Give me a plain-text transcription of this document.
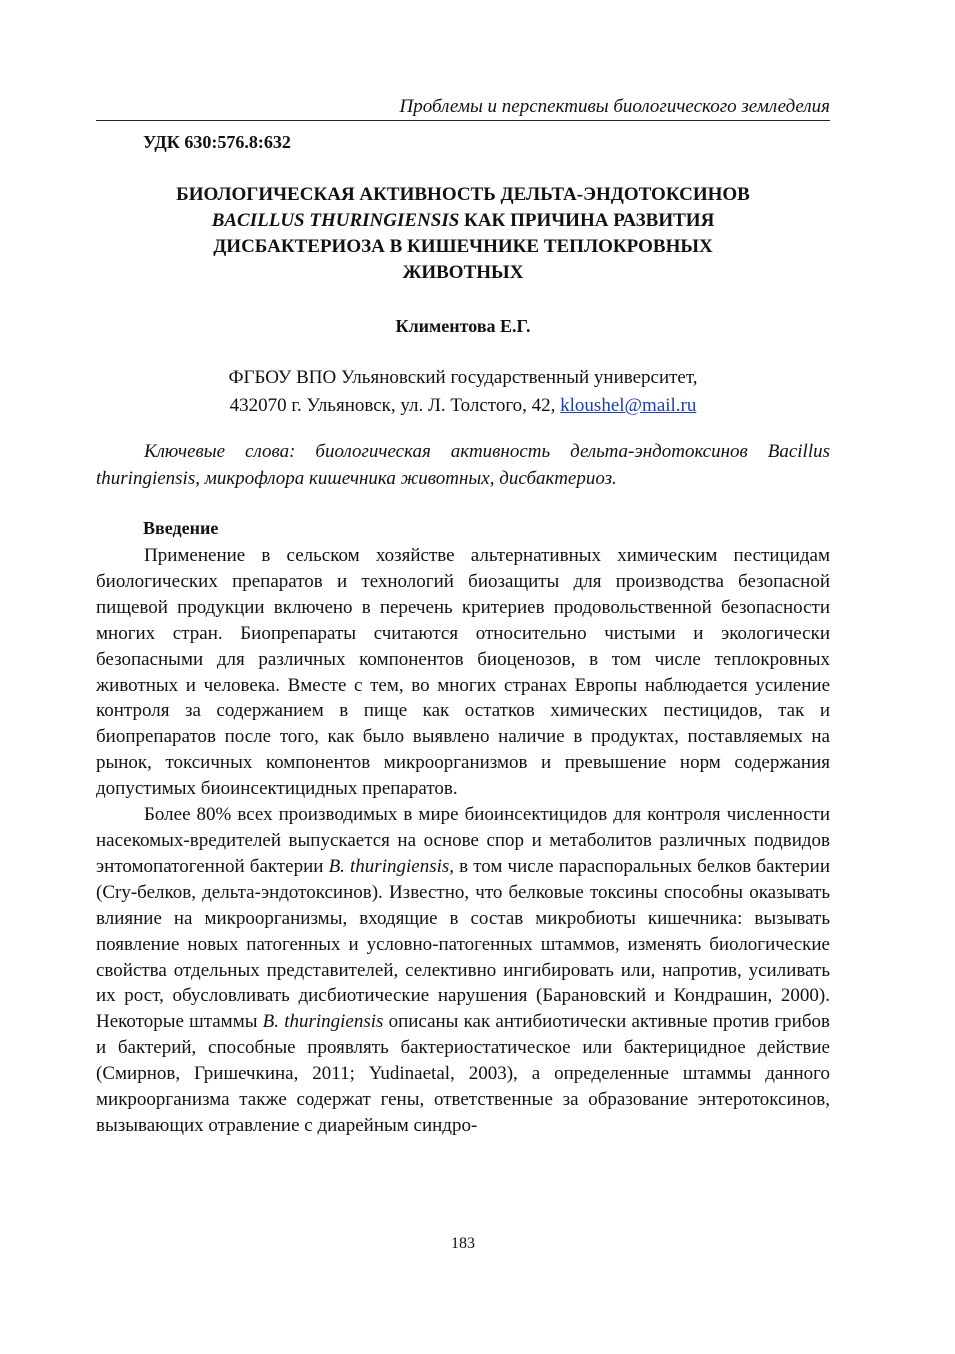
Проблемы и перспективы биологического земледелия
УДК 630:576.8:632
БИОЛОГИЧЕСКАЯ АКТИВНОСТЬ ДЕЛЬТА-ЭНДОТОКСИНОВ
BACILLUS THURINGIENSIS КАК ПРИЧИНА РАЗВИТИЯ
ДИСБАКТЕРИОЗА В КИШЕЧНИКЕ ТЕПЛОКРОВНЫХ
ЖИВОТНЫХ
Климентова Е.Г.
ФГБОУ ВПО Ульяновский государственный университет,
432070 г. Ульяновск, ул. Л. Толстого, 42, kloushel@mail.ru
Ключевые слова: биологическая активность дельта-эндотоксинов Bacillus thuringiensis, микрофлора кишечника животных, дисбактериоз.
Введение

Применение в сельском хозяйстве альтернативных химическим пестицидам биологических препаратов и технологий биозащиты для производства безопасной пищевой продукции включено в перечень критериев продовольственной безопасности многих стран. Биопрепараты считаются относительно чистыми и экологически безопасными для различных компонентов биоценозов, в том числе теплокровных животных и человека. Вместе с тем, во многих странах Европы наблюдается усиление контроля за содержанием в пище как остатков химических пестицидов, так и биопрепаратов после того, как было выявлено наличие в продуктах, поставляемых на рынок, токсичных компонентов микроорганизмов и превышение норм содержания допустимых биоинсектицидных препаратов.

Более 80% всех производимых в мире биоинсектицидов для контроля численности насекомых-вредителей выпускается на основе спор и метаболитов различных подвидов энтомопатогенной бактерии B. thuringiensis, в том числе параспоральных белков бактерии (Cry-белков, дельта-эндотоксинов). Известно, что белковые токсины способны оказывать влияние на микроорганизмы, входящие в состав микробиоты кишечника: вызывать появление новых патогенных и условно-патогенных штаммов, изменять биологические свойства отдельных представителей, селективно ингибировать или, напротив, усиливать их рост, обусловливать дисбиотические нарушения (Барановский и Кондрашин, 2000). Некоторые штаммы B. thuringiensis описаны как антибиотически активные против грибов и бактерий, способные проявлять бактериостатическое или бактерицидное действие (Смирнов, Гришечкина, 2011; Yudinaetal, 2003), а определенные штаммы данного микроорганизма также содержат гены, ответственные за образование энтеротоксинов, вызывающих отравление с диарейным синдро-

183
